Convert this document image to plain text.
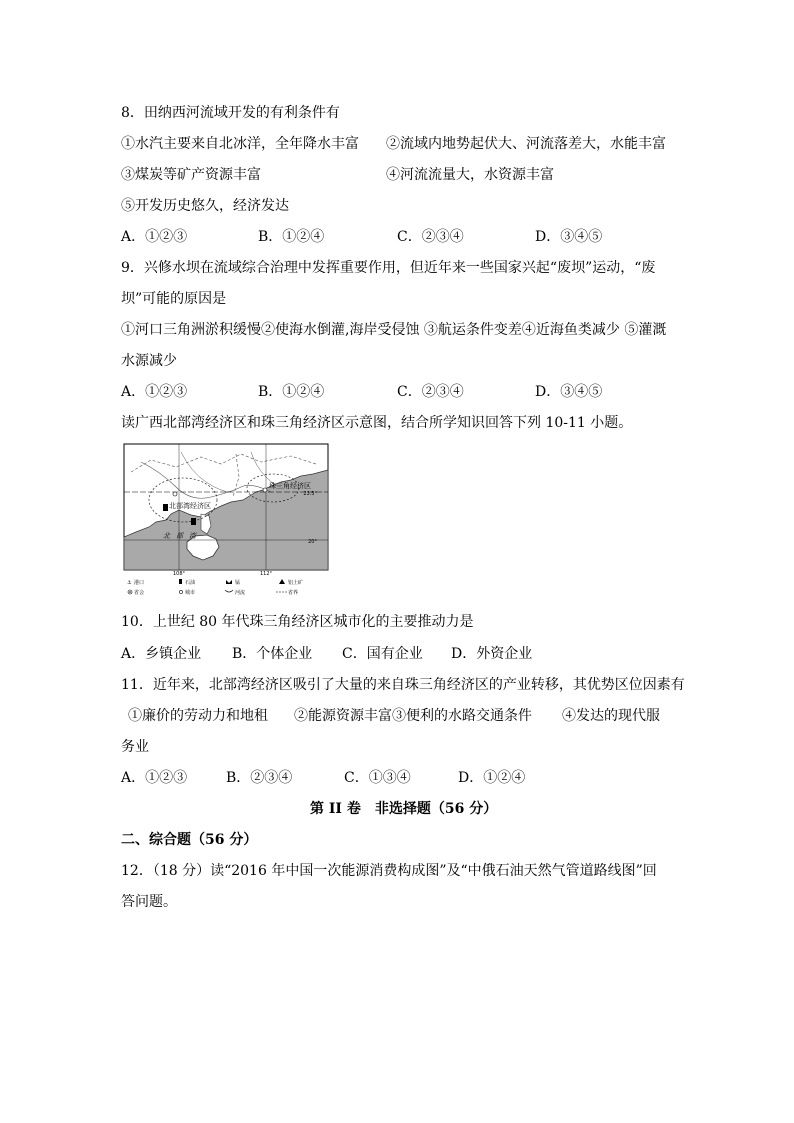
8．田纳西河流域开发的有利条件有
①水汽主要来自北冰洋，全年降水丰富 ②流域内地势起伏大、河流落差大，水能丰富
③煤炭等矿产资源丰富	④河流流量大，水资源丰富
⑤开发历史悠久，经济发达
A．①②③	B．①②④	C．②③④	D．③④⑤
9．兴修水坝在流域综合治理中发挥重要作用，但近年来一些国家兴起“废坝”运动，“废
坝”可能的原因是
①河口三角洲淤积缓慢②使海水倒灌,海岸受侵蚀 ③航运条件变差④近海鱼类减少 ⑤灌溉
水源减少
A．①②③	B．①②④	C．②③④	D．③④⑤
读广西北部湾经济区和珠三角经济区示意图，结合所学知识回答下列 10-11 小题。
北部湾经济区
珠三角经济区
北部湾
23.5°
20°
108°	112°
⚓ 港口	石油	锰	铝土矿
省会	城市	河流	省界
10．上世纪 80 年代珠三角经济区城市化的主要推动力是
A．乡镇企业 B．个体企业 C．国有企业 D．外资企业
11．近年来，北部湾经济区吸引了大量的来自珠三角经济区的产业转移，其优势区位因素有
①廉价的劳动力和地租 ②能源资源丰富③便利的水路交通条件 ④发达的现代服
务业
A．①②③	B．②③④	C．①③④	D．①②④
第 II 卷　非选择题（56 分）
二、综合题（56 分）
12．（18 分）读“2016 年中国一次能源消费构成图”及“中俄石油天然气管道路线图”回
答问题。
